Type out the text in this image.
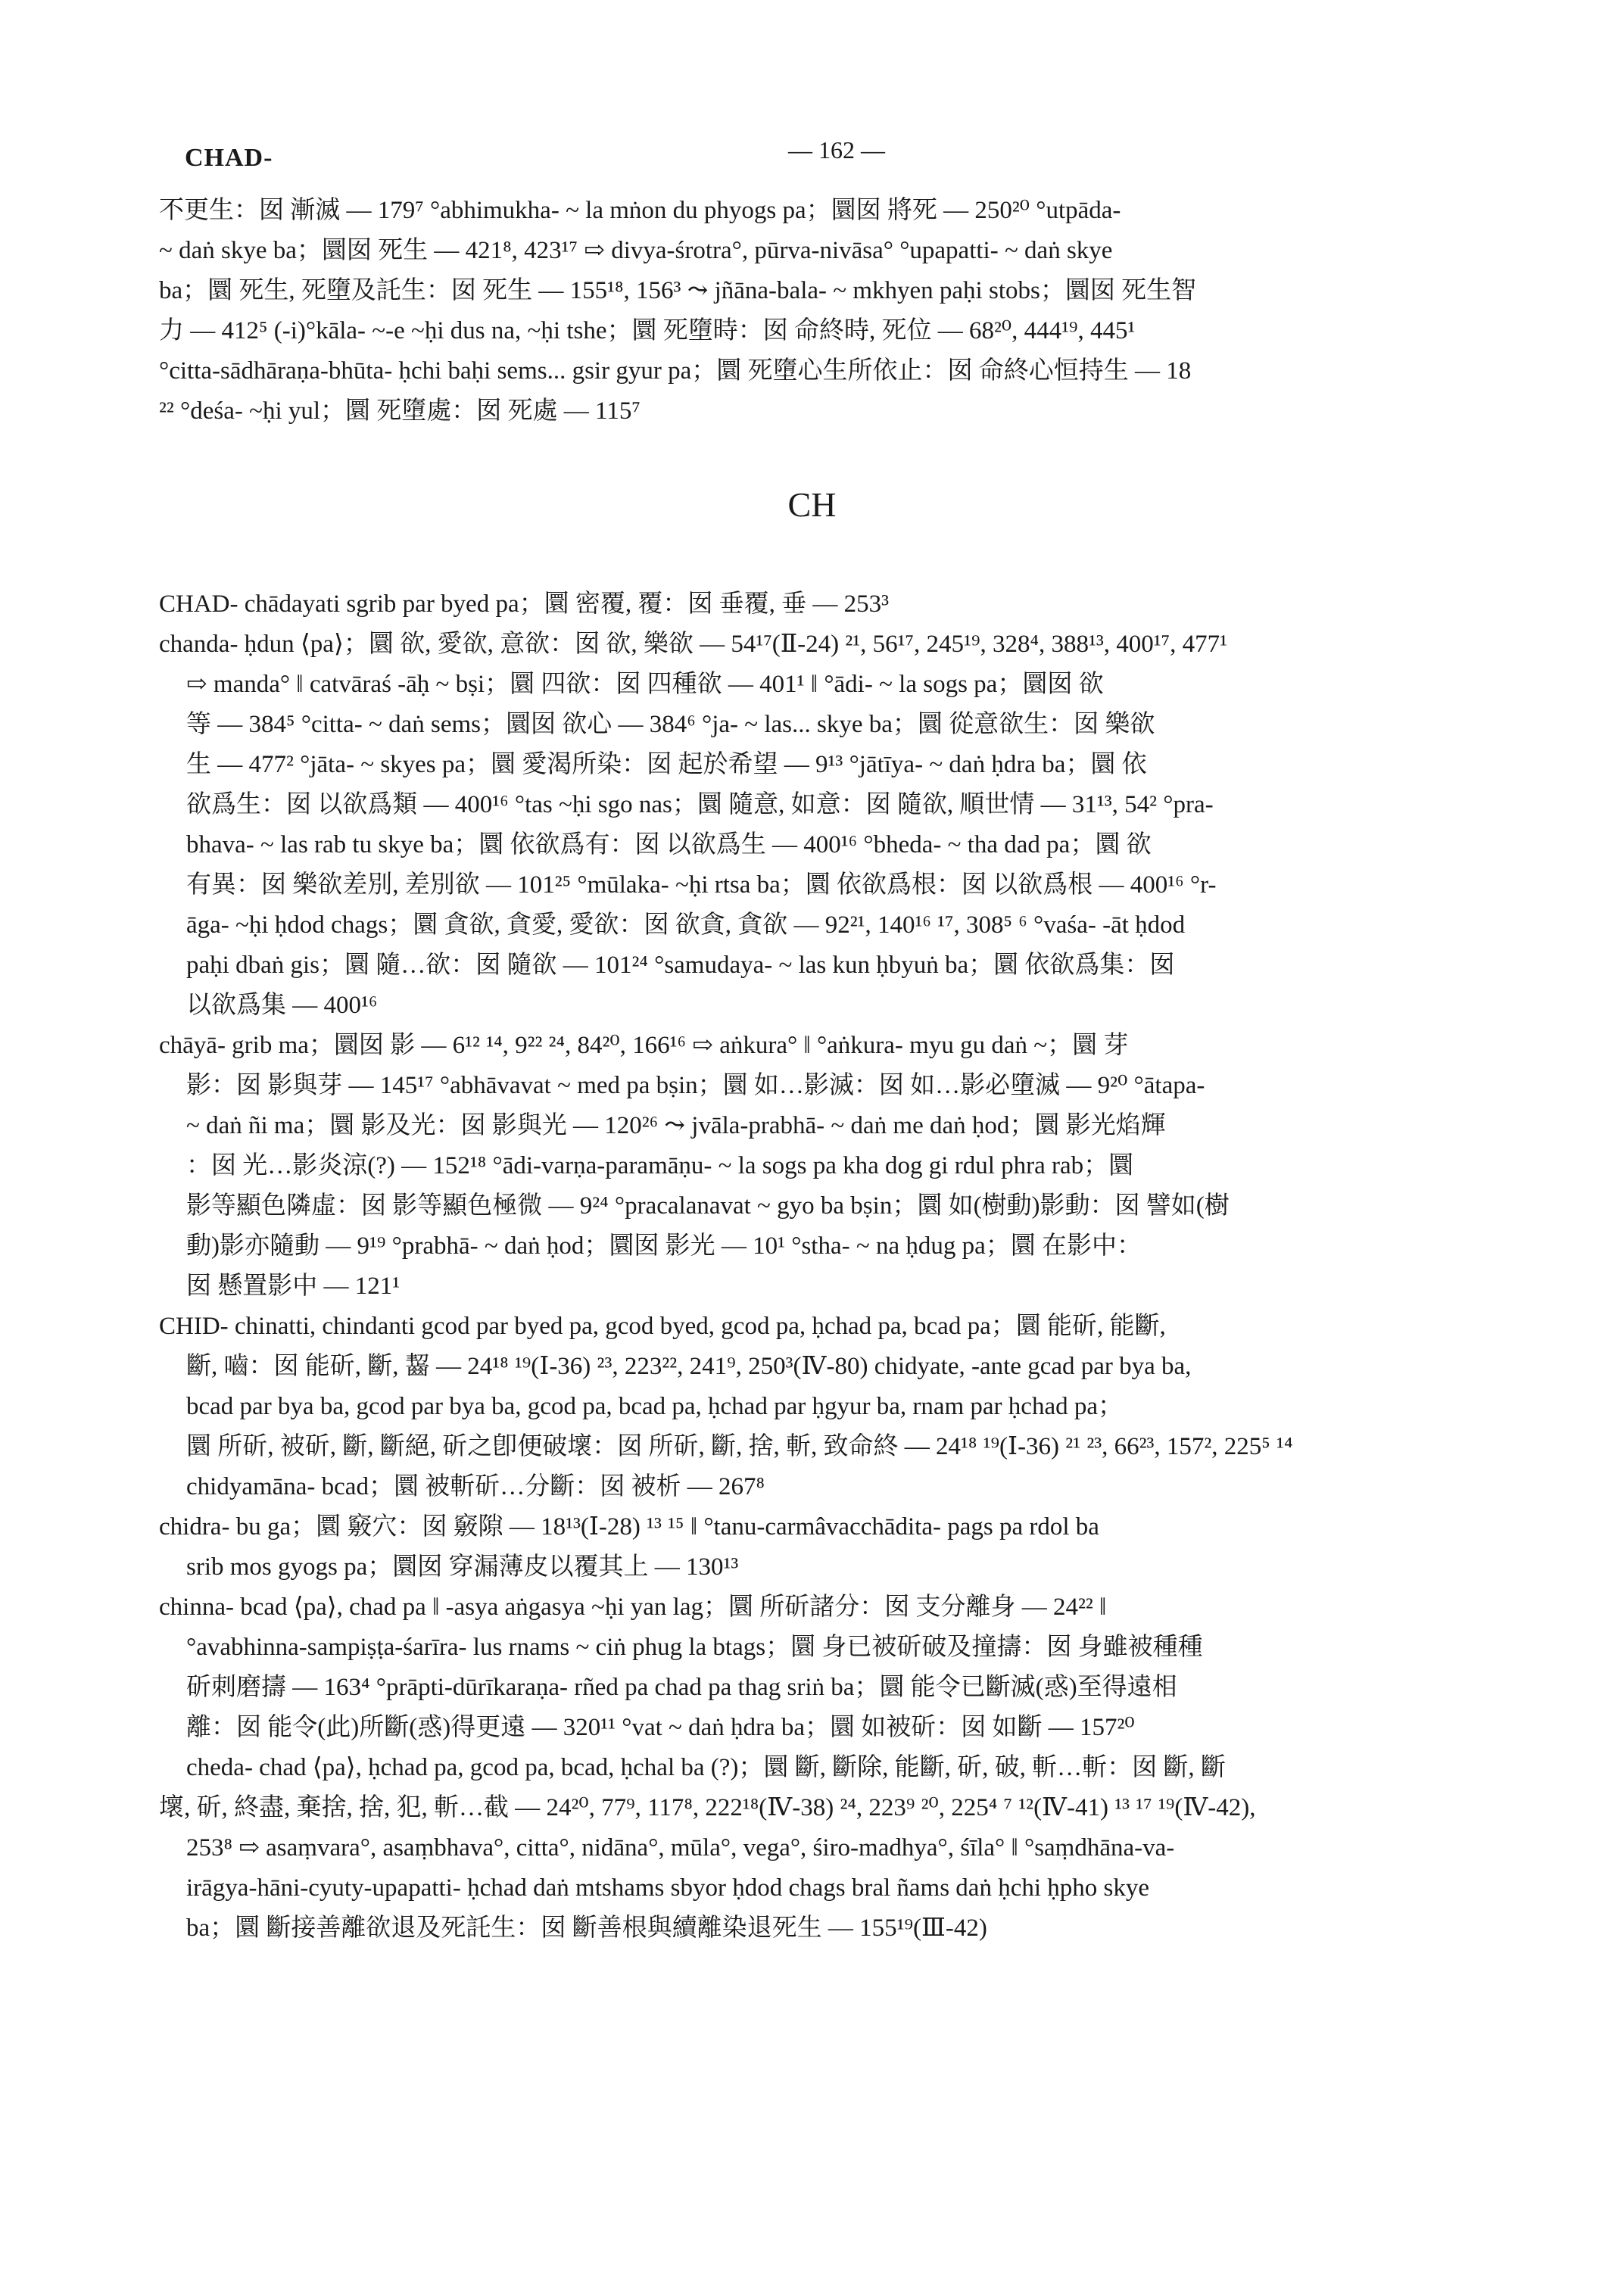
CHAD-	— 162 —
不更生：囡 漸滅 — 179⁷ °abhimukha- ~ la mṅon du phyogs pa；圜囡 將死 — 250²⁰ °utpāda-
~ daṅ skye ba；圜囡 死生 — 421⁸, 423¹⁷ ⇨ divya-śrotra°, pūrva-nivāsa° °upapatti- ~ daṅ skye
ba；圜 死生, 死墮及託生：囡 死生 — 155¹⁸, 156³ ⤳ jñāna-bala- ~ mkhyen paḥi stobs；圜囡 死生智
力 — 412⁵ (-i)°kāla- ~-e ~ḥi dus na, ~ḥi tshe；圜 死墮時：囡 命終時, 死位 — 68²⁰, 444¹⁹, 445¹
°citta-sādhāraṇa-bhūta- ḥchi baḥi sems... gsir gyur pa；圜 死墮心生所依止：囡 命終心恒持生 — 18
²² °deśa- ~ḥi yul；圜 死墮處：囡 死處 — 115⁷
CH
CHAD- chādayati sgrib par byed pa；圜 密覆, 覆：囡 垂覆, 垂 — 253³
chanda- ḥdun ⟨pa⟩；圜 欲, 愛欲, 意欲：囡 欲, 樂欲 — 54¹⁷(Ⅱ-24) ²¹, 56¹⁷, 245¹⁹, 328⁴, 388¹³, 400¹⁷, 477¹
⇨ manda° ‖ catvāraś -āḥ ~ bṣi；圜 四欲：囡 四種欲 — 401¹ ‖ °ādi- ~ la sogs pa；圜囡 欲
等 — 384⁵ °citta- ~ daṅ sems；圜囡 欲心 — 384⁶ °ja- ~ las... skye ba；圜 從意欲生：囡 樂欲
生 — 477² °jāta- ~ skyes pa；圜 愛渴所染：囡 起於希望 — 9¹³ °jātīya- ~ daṅ ḥdra ba；圜 依
欲爲生：囡 以欲爲類 — 400¹⁶ °tas ~ḥi sgo nas；圜 隨意, 如意：囡 隨欲, 順世情 — 31¹³, 54² °pra-
bhava- ~ las rab tu skye ba；圜 依欲爲有：囡 以欲爲生 — 400¹⁶ °bheda- ~ tha dad pa；圜 欲
有異：囡 樂欲差別, 差別欲 — 101²⁵ °mūlaka- ~ḥi rtsa ba；圜 依欲爲根：囡 以欲爲根 — 400¹⁶ °r-
āga- ~ḥi ḥdod chags；圜 貪欲, 貪愛, 愛欲：囡 欲貪, 貪欲 — 92²¹, 140¹⁶ ¹⁷, 308⁵ ⁶ °vaśa- -āt ḥdod
paḥi dbaṅ gis；圜 隨…欲：囡 隨欲 — 101²⁴ °samudaya- ~ las kun ḥbyuṅ ba；圜 依欲爲集：囡
以欲爲集 — 400¹⁶
chāyā- grib ma；圜囡 影 — 6¹² ¹⁴, 9²² ²⁴, 84²⁰, 166¹⁶ ⇨ aṅkura° ‖ °aṅkura- myu gu daṅ ~；圜 芽
影：囡 影與芽 — 145¹⁷ °abhāvavat ~ med pa bṣin；圜 如…影滅：囡 如…影必墮滅 — 9²⁰ °ātapa-
~ daṅ ñi ma；圜 影及光：囡 影與光 — 120²⁶ ⤳ jvāla-prabhā- ~ daṅ me daṅ ḥod；圜 影光焰輝
：囡 光…影炎涼(?) — 152¹⁸ °ādi-varṇa-paramāṇu- ~ la sogs pa kha dog gi rdul phra rab；圜
影等顯色隣虛：囡 影等顯色極微 — 9²⁴ °pracalanavat ~ gyo ba bṣin；圜 如(樹動)影動：囡 譬如(樹
動)影亦隨動 — 9¹⁹ °prabhā- ~ daṅ ḥod；圜囡 影光 — 10¹ °stha- ~ na ḥdug pa；圜 在影中：
囡 懸置影中 — 121¹
CHID- chinatti, chindanti gcod par byed pa, gcod byed, gcod pa, ḥchad pa, bcad pa；圜 能斫, 能斷,
斷, 嚙：囡 能斫, 斷, 齧 — 24¹⁸ ¹⁹(Ⅰ-36) ²³, 223²², 241⁹, 250³(Ⅳ-80) chidyate, -ante gcad par bya ba,
bcad par bya ba, gcod par bya ba, gcod pa, bcad pa, ḥchad par ḥgyur ba, rnam par ḥchad pa；
圜 所斫, 被斫, 斷, 斷絕, 斫之卽便破壞：囡 所斫, 斷, 捨, 斬, 致命終 — 24¹⁸ ¹⁹(Ⅰ-36) ²¹ ²³, 66²³, 157², 225⁵ ¹⁴
chidyamāna- bcad；圜 被斬斫…分斷：囡 被析 — 267⁸
chidra- bu ga；圜 竅穴：囡 竅隙 — 18¹³(Ⅰ-28) ¹³ ¹⁵ ‖ °tanu-carmâvacchādita- pags pa rdol ba
srib mos gyogs pa；圜囡 穿漏薄皮以覆其上 — 130¹³
chinna- bcad ⟨pa⟩, chad pa ‖ -asya aṅgasya ~ḥi yan lag；圜 所斫諸分：囡 支分離身 — 24²² ‖
°avabhinna-sampiṣṭa-śarīra- lus rnams ~ ciṅ phug la btags；圜 身已被斫破及撞擣：囡 身雖被種種
斫刺磨擣 — 163⁴ °prāpti-dūrīkaraṇa- rñed pa chad pa thag sriṅ ba；圜 能令已斷滅(惑)至得遠相
離：囡 能令(此)所斷(惑)得更遠 — 320¹¹ °vat ~ daṅ ḥdra ba；圜 如被斫：囡 如斷 — 157²⁰
cheda- chad ⟨pa⟩, ḥchad pa, gcod pa, bcad, ḥchal ba (?)；圜 斷, 斷除, 能斷, 斫, 破, 斬…斬：囡 斷, 斷
壞, 斫, 終盡, 棄捨, 捨, 犯, 斬…截 — 24²⁰, 77⁹, 117⁸, 222¹⁸(Ⅳ-38) ²⁴, 223⁹ ²⁰, 225⁴ ⁷ ¹²(Ⅳ-41) ¹³ ¹⁷ ¹⁹(Ⅳ-42),
253⁸ ⇨ asaṃvara°, asaṃbhava°, citta°, nidāna°, mūla°, vega°, śiro-madhya°, śīla° ‖ °saṃdhāna-va-
irāgya-hāni-cyuty-upapatti- ḥchad daṅ mtshams sbyor ḥdod chags bral ñams daṅ ḥchi ḥpho skye
ba；圜 斷接善離欲退及死託生：囡 斷善根與續離染退死生 — 155¹⁹(Ⅲ-42)
